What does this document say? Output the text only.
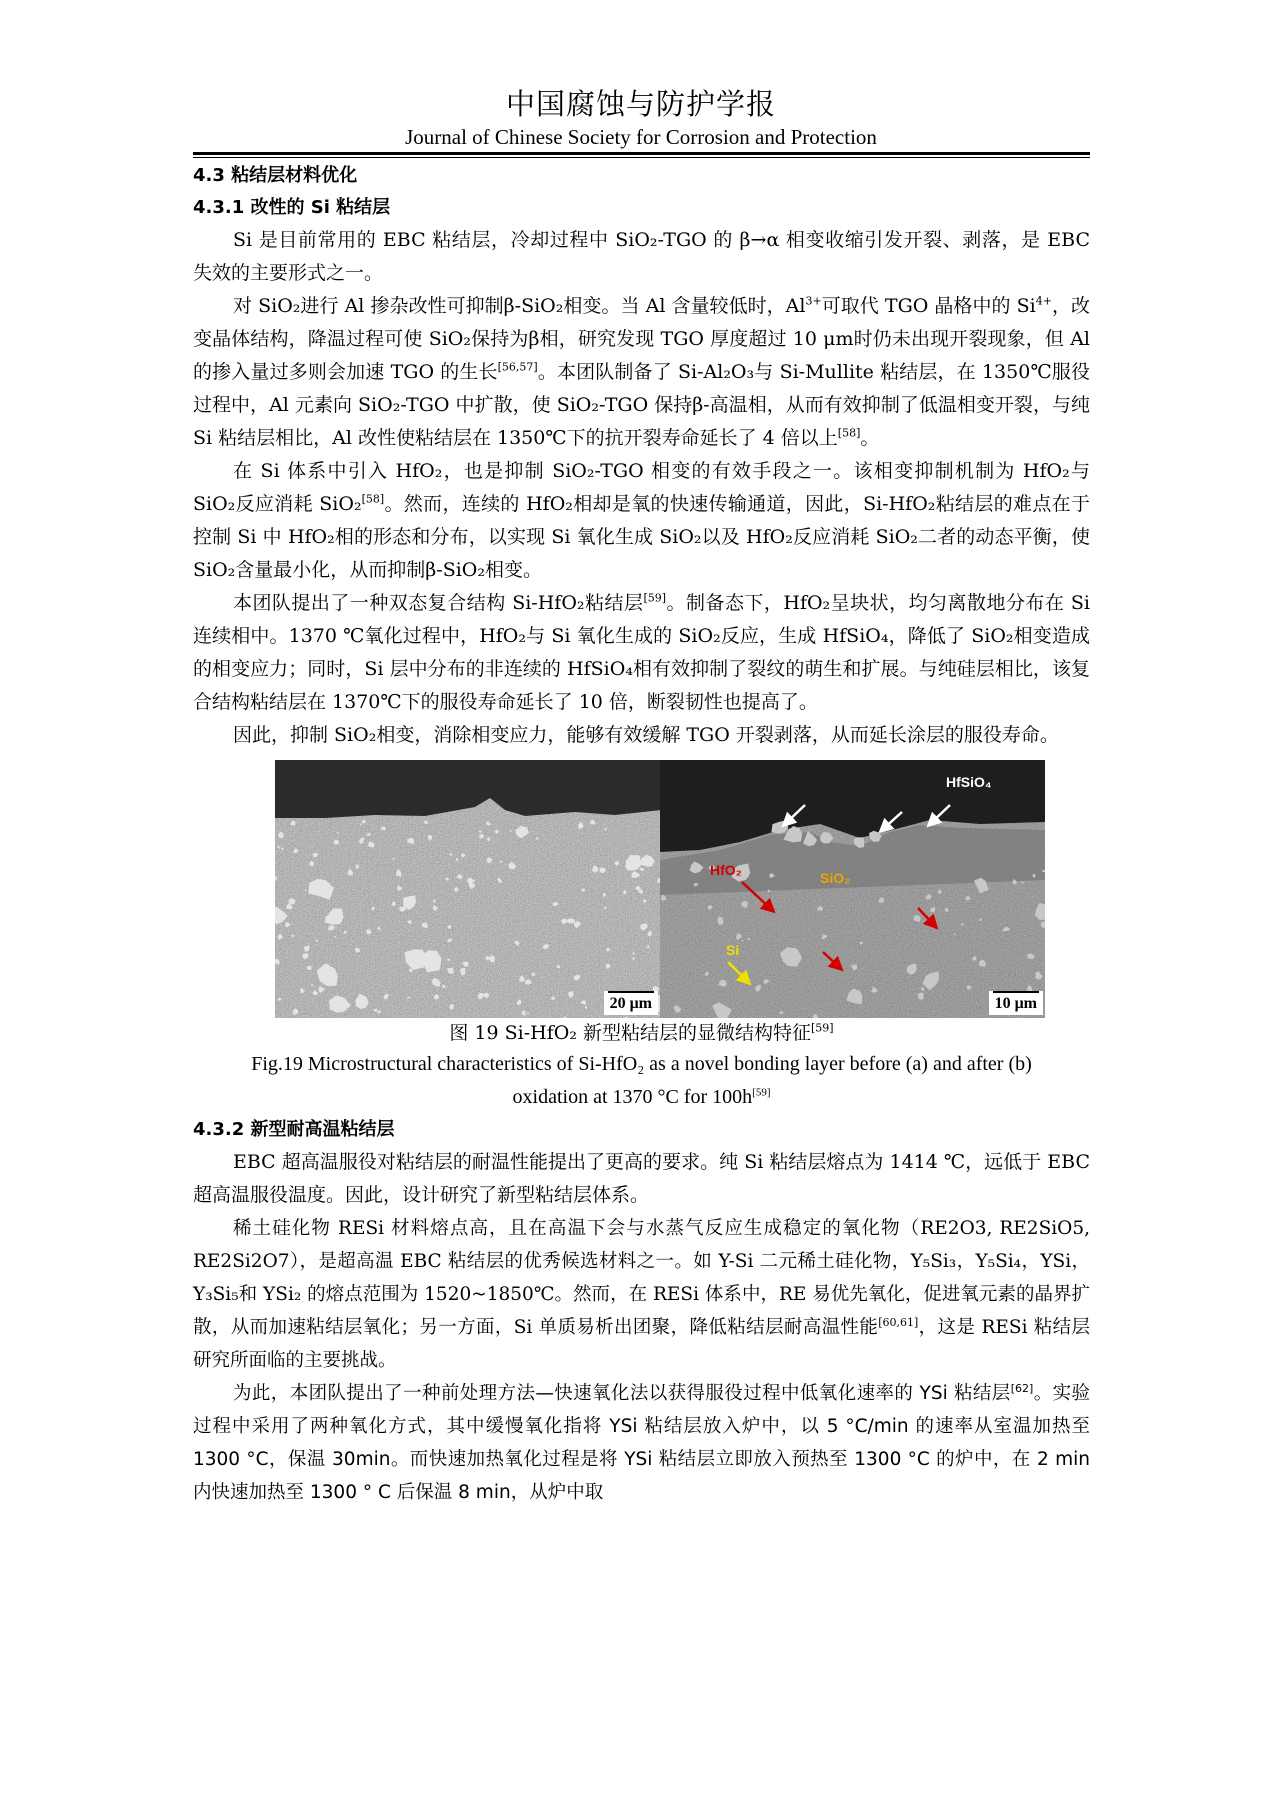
中国腐蚀与防护学报
Journal of Chinese Society for Corrosion and Protection

4.3 粘结层材料优化

4.3.1 改性的 Si 粘结层

Si 是目前常用的 EBC 粘结层，冷却过程中 SiO₂-TGO 的 β→α 相变收缩引发开裂、剥落，是 EBC 失效的主要形式之一。

对 SiO₂进行 Al 掺杂改性可抑制β-SiO₂相变。当 Al 含量较低时，$Al^{3+}$可取代 TGO 晶格中的 $Si^{4+}$，改变晶体结构，降温过程可使 SiO₂保持为β相，研究发现 TGO 厚度超过 10 μm时仍未出现开裂现象，但 Al 的掺入量过多则会加速 TGO 的生长[56,57]。本团队制备了 Si-Al₂O₃与 Si-Mullite 粘结层，在 1350℃服役过程中，Al 元素向 SiO₂-TGO 中扩散，使 SiO₂-TGO 保持β-高温相，从而有效抑制了低温相变开裂，与纯 Si 粘结层相比，Al 改性使粘结层在 1350℃下的抗开裂寿命延长了 4 倍以上[58]。

在 Si 体系中引入 HfO₂，也是抑制 SiO₂-TGO 相变的有效手段之一。该相变抑制机制为 HfO₂与 SiO₂反应消耗 SiO₂[58]。然而，连续的 HfO₂相却是氧的快速传输通道，因此，Si-HfO₂粘结层的难点在于控制 Si 中 HfO₂相的形态和分布，以实现 Si 氧化生成 SiO₂以及 HfO₂反应消耗 SiO₂二者的动态平衡，使 SiO₂含量最小化，从而抑制β-SiO₂相变。

本团队提出了一种双态复合结构 Si-HfO₂粘结层[59]。制备态下，HfO₂呈块状，均匀离散地分布在 Si 连续相中。1370 ℃氧化过程中，HfO₂与 Si 氧化生成的 SiO₂反应，生成 HfSiO₄，降低了 SiO₂相变造成的相变应力；同时，Si 层中分布的非连续的 HfSiO₄相有效抑制了裂纹的萌生和扩展。与纯硅层相比，该复合结构粘结层在 1370℃下的服役寿命延长了 10 倍，断裂韧性也提高了。

因此，抑制 SiO₂相变，消除相变应力，能够有效缓解 TGO 开裂剥落，从而延长涂层的服役寿命。

20 μm
HfSiO₄
HfO₂	SiO₂
Si
10 μm

图 19 Si-HfO₂ 新型粘结层的显微结构特征[59]

Fig.19 Microstructural characteristics of Si-HfO₂ as a novel bonding layer before (a) and after (b)

oxidation at 1370 °C for 100h[59]

4.3.2 新型耐高温粘结层

EBC 超高温服役对粘结层的耐温性能提出了更高的要求。纯 Si 粘结层熔点为 1414 ℃，远低于 EBC 超高温服役温度。因此，设计研究了新型粘结层体系。

稀土硅化物 RESi 材料熔点高，且在高温下会与水蒸气反应生成稳定的氧化物（RE2O3, RE2SiO5, RE2Si2O7），是超高温 EBC 粘结层的优秀候选材料之一。如 Y-Si 二元稀土硅化物，Y₅Si₃，Y₅Si₄，YSi，Y₃Si₅和 YSi₂ 的熔点范围为 1520~1850℃。然而，在 RESi 体系中，RE 易优先氧化，促进氧元素的晶界扩散，从而加速粘结层氧化；另一方面，Si 单质易析出团聚，降低粘结层耐高温性能[60,61]，这是 RESi 粘结层研究所面临的主要挑战。

为此，本团队提出了一种前处理方法—快速氧化法以获得服役过程中低氧化速率的 YSi 粘结层[62]。实验过程中采用了两种氧化方式，其中缓慢氧化指将 YSi 粘结层放入炉中，以 5 °C/min 的速率从室温加热至 1300 °C，保温 30min。而快速加热氧化过程是将 YSi 粘结层立即放入预热至 1300 °C 的炉中，在 2 min 内快速加热至 1300 ° C 后保温 8 min，从炉中取
